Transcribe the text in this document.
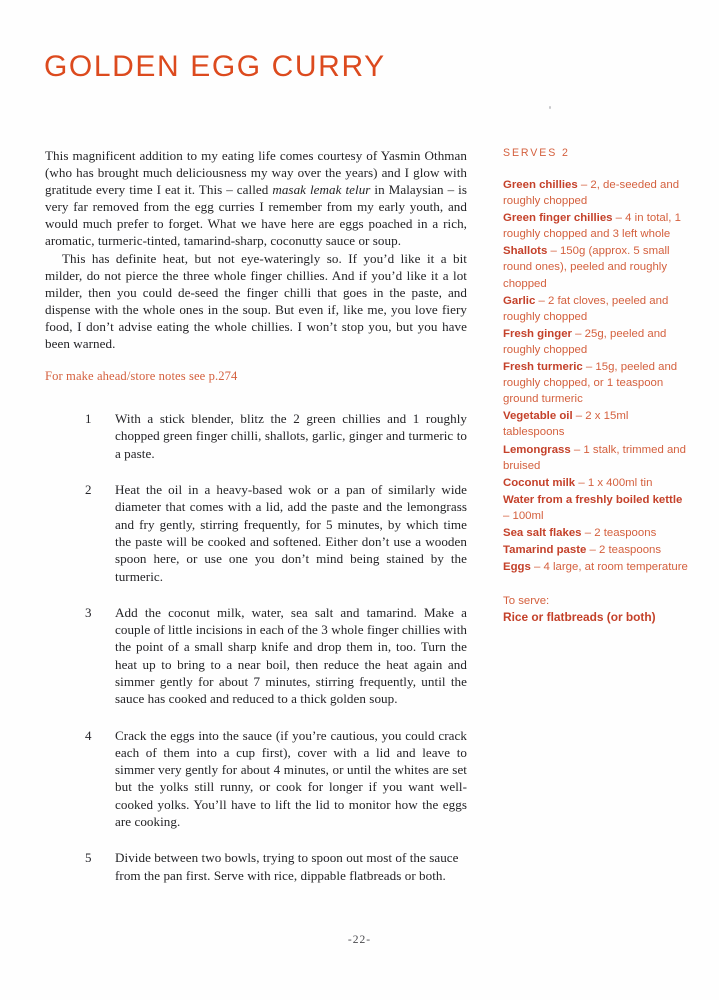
GOLDEN EGG CURRY

This magnificent addition to my eating life comes courtesy of Yasmin Othman (who has brought much deliciousness my way over the years) and I glow with gratitude every time I eat it. This – called masak lemak telur in Malaysian – is very far removed from the egg curries I remember from my early youth, and would much prefer to forget. What we have here are eggs poached in a rich, aromatic, turmeric-tinted, tamarind-sharp, coconutty sauce or soup.

This has definite heat, but not eye-wateringly so. If you’d like it a bit milder, do not pierce the three whole finger chillies. And if you’d like it a lot milder, then you could de-seed the finger chilli that goes in the paste, and dispense with the whole ones in the soup. But even if, like me, you love fiery food, I don’t advise eating the whole chillies. I won’t stop you, but you have been warned.

For make ahead/store notes see p.274
1	With a stick blender, blitz the 2 green chillies and 1 roughly chopped green finger chilli, shallots, garlic, ginger and turmeric to a paste.
2	Heat the oil in a heavy-based wok or a pan of similarly wide diameter that comes with a lid, add the paste and the lemongrass and fry gently, stirring frequently, for 5 minutes, by which time the paste will be cooked and softened. Either don’t use a wooden spoon here, or use one you don’t mind being stained by the turmeric.
3	Add the coconut milk, water, sea salt and tamarind. Make a couple of little incisions in each of the 3 whole finger chillies with the point of a small sharp knife and drop them in, too. Turn the heat up to bring to a near boil, then reduce the heat again and simmer gently for about 7 minutes, stirring frequently, until the sauce has cooked and reduced to a thick golden soup.
4	Crack the eggs into the sauce (if you’re cautious, you could crack each of them into a cup first), cover with a lid and leave to simmer very gently for about 4 minutes, or until the whites are set but the yolks still runny, or cook for longer if you want well-cooked yolks. You’ll have to lift the lid to monitor how the eggs are cooking.
5	Divide between two bowls, trying to spoon out most of the sauce from the pan first. Serve with rice, dippable flatbreads or both.
SERVES 2
Green chillies – 2, de-seeded and roughly chopped
Green finger chillies – 4 in total, 1 roughly chopped and 3 left whole
Shallots – 150g (approx. 5 small round ones), peeled and roughly chopped
Garlic – 2 fat cloves, peeled and roughly chopped
Fresh ginger – 25g, peeled and roughly chopped
Fresh turmeric – 15g, peeled and roughly chopped, or 1 teaspoon ground turmeric
Vegetable oil – 2 x 15ml tablespoons
Lemongrass – 1 stalk, trimmed and bruised
Coconut milk – 1 x 400ml tin
Water from a freshly boiled kettle – 100ml
Sea salt flakes – 2 teaspoons
Tamarind paste – 2 teaspoons
Eggs – 4 large, at room temperature
To serve:
Rice or flatbreads (or both)
-22-
